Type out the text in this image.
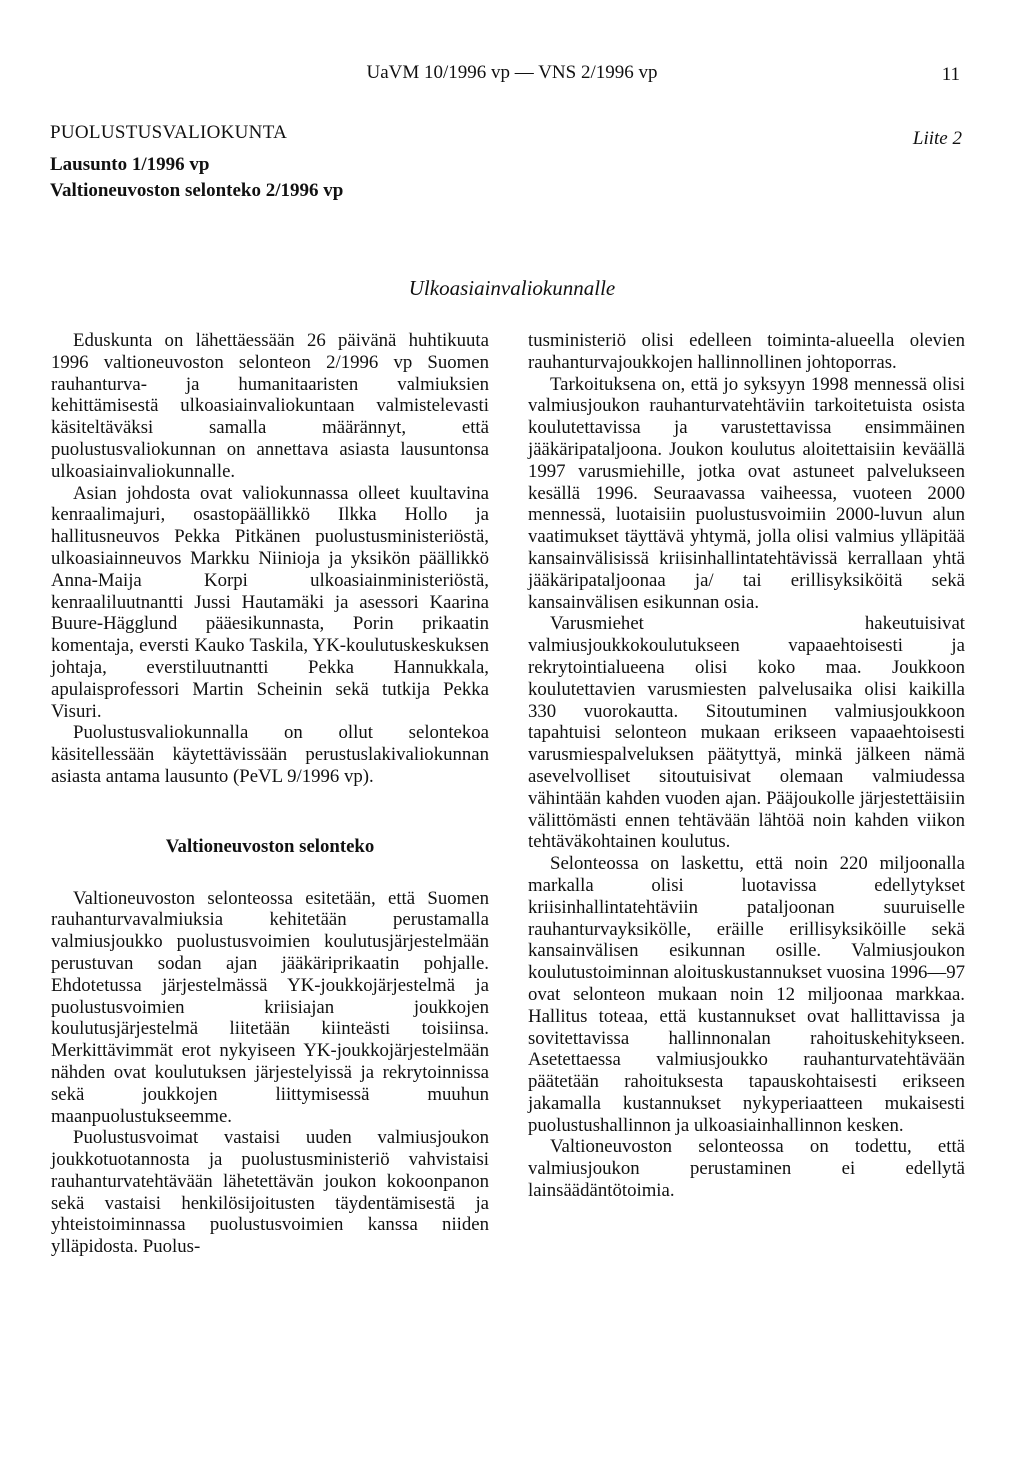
UaVM 10/1996 vp — VNS 2/1996 vp	11
PUOLUSTUSVALIOKUNTA	Liite 2
Lausunto 1/1996 vp
Valtioneuvoston selonteko 2/1996 vp
Ulkoasiainvaliokunnalle

Eduskunta on lähettäessään 26 päivänä huhtikuuta 1996 valtioneuvoston selonteon 2/1996 vp Suomen rauhanturva- ja humanitaaristen valmiuksien kehittämisestä ulkoasiainvaliokuntaan valmistelevasti käsiteltäväksi samalla määrännyt, että puolustusvaliokunnan on annettava asiasta lausuntonsa ulkoasiainvaliokunnalle.

Asian johdosta ovat valiokunnassa olleet kuultavina kenraalimajuri, osastopäällikkö Ilkka Hollo ja hallitusneuvos Pekka Pitkänen puolustusministeriöstä, ulkoasiainneuvos Markku Niinioja ja yksikön päällikkö Anna-Maija Korpi ulkoasiainministeriöstä, kenraaliluutnantti Jussi Hautamäki ja asessori Kaarina Buure-Hägglund pääesikunnasta, Porin prikaatin komentaja, eversti Kauko Taskila, YK-koulutuskeskuksen johtaja, everstiluutnantti Pekka Hannukkala, apulaisprofessori Martin Scheinin sekä tutkija Pekka Visuri.

Puolustusvaliokunnalla on ollut selontekoa käsitellessään käytettävissään perustuslakivaliokunnan asiasta antama lausunto (PeVL 9/1996 vp).

Valtioneuvoston selonteko

Valtioneuvoston selonteossa esitetään, että Suomen rauhanturvavalmiuksia kehitetään perustamalla valmiusjoukko puolustusvoimien koulutusjärjestelmään perustuvan sodan ajan jääkäriprikaatin pohjalle. Ehdotetussa järjestelmässä YK-joukkojärjestelmä ja puolustusvoimien kriisiajan joukkojen koulutusjärjestelmä liitetään kiinteästi toisiinsa. Merkittävimmät erot nykyiseen YK-joukkojärjestelmään nähden ovat koulutuksen järjestelyissä ja rekrytoinnissa sekä joukkojen liittymisessä muuhun maanpuolustukseemme.

Puolustusvoimat vastaisi uuden valmiusjoukon joukkotuotannosta ja puolustusministeriö vahvistaisi rauhanturvatehtävään lähetettävän joukon kokoonpanon sekä vastaisi henkilösijoitusten täydentämisestä ja yhteistoiminnassa puolustusvoimien kanssa niiden ylläpidosta. Puolus-

tusministeriö olisi edelleen toiminta-alueella olevien rauhanturvajoukkojen hallinnollinen johtoporras.

Tarkoituksena on, että jo syksyyn 1998 mennessä olisi valmiusjoukon rauhanturvatehtäviin tarkoitetuista osista koulutettavissa ja varustettavissa ensimmäinen jääkäripataljoona. Joukon koulutus aloitettaisiin keväällä 1997 varusmiehille, jotka ovat astuneet palvelukseen kesällä 1996. Seuraavassa vaiheessa, vuoteen 2000 mennessä, luotaisiin puolustusvoimiin 2000-luvun alun vaatimukset täyttävä yhtymä, jolla olisi valmius ylläpitää kansainvälisissä kriisinhallintatehtävissä kerrallaan yhtä jääkäripataljoonaa ja/ tai erillisyksiköitä sekä kansainvälisen esikunnan osia.

Varusmiehet hakeutuisivat valmiusjoukkokoulutukseen vapaaehtoisesti ja rekrytointialueena olisi koko maa. Joukkoon koulutettavien varusmiesten palvelusaika olisi kaikilla 330 vuorokautta. Sitoutuminen valmiusjoukkoon tapahtuisi selonteon mukaan erikseen vapaaehtoisesti varusmiespalveluksen päätyttyä, minkä jälkeen nämä asevelvolliset sitoutuisivat olemaan valmiudessa vähintään kahden vuoden ajan. Pääjoukolle järjestettäisiin välittömästi ennen tehtävään lähtöä noin kahden viikon tehtäväkohtainen koulutus.

Selonteossa on laskettu, että noin 220 miljoonalla markalla olisi luotavissa edellytykset kriisinhallintatehtäviin pataljoonan suuruiselle rauhanturvayksikölle, eräille erillisyksiköille sekä kansainvälisen esikunnan osille. Valmiusjoukon koulutustoiminnan aloituskustannukset vuosina 1996—97 ovat selonteon mukaan noin 12 miljoonaa markkaa. Hallitus toteaa, että kustannukset ovat hallittavissa ja sovitettavissa hallinnonalan rahoituskehitykseen. Asetettaessa valmiusjoukko rauhanturvatehtävään päätetään rahoituksesta tapauskohtaisesti erikseen jakamalla kustannukset nykyperiaatteen mukaisesti puolustushallinnon ja ulkoasiainhallinnon kesken.

Valtioneuvoston selonteossa on todettu, että valmiusjoukon perustaminen ei edellytä lainsäädäntötoimia.
